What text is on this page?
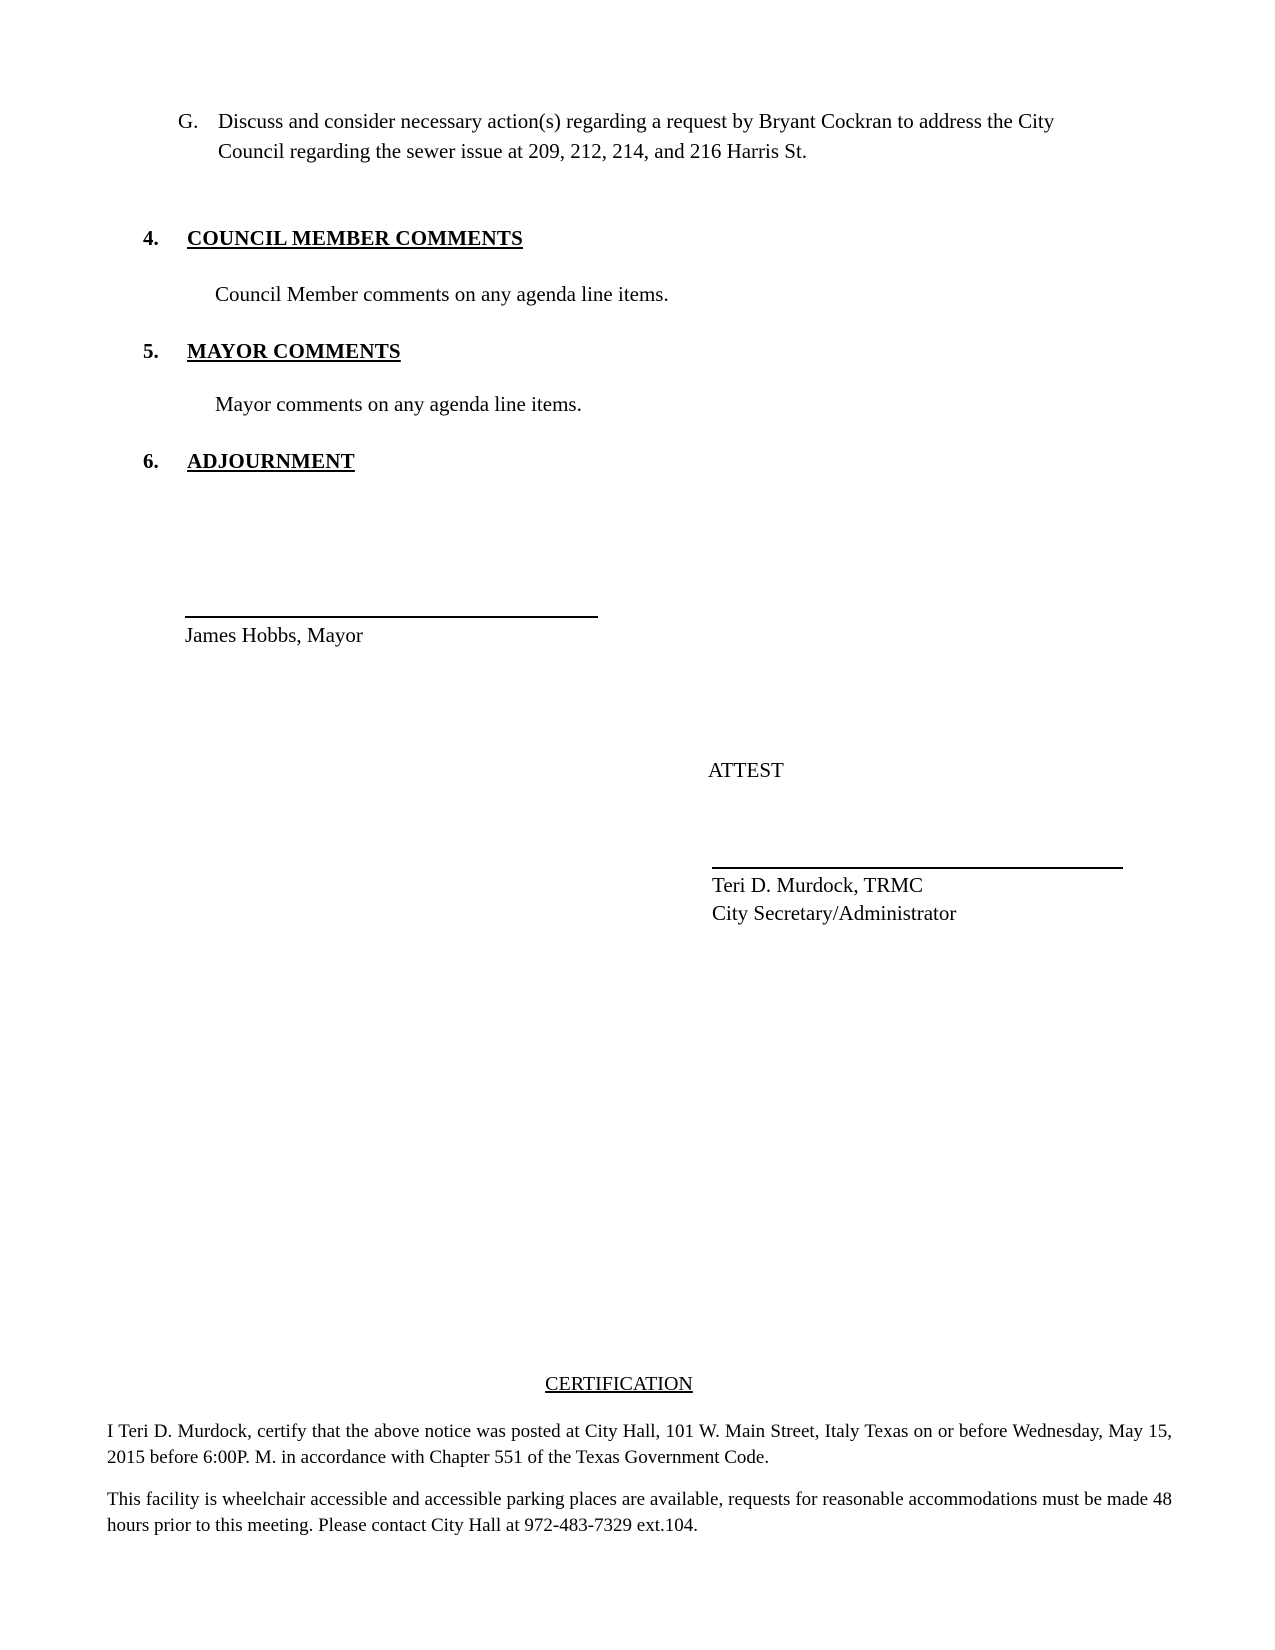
G. Discuss and consider necessary action(s) regarding a request by Bryant Cockran to address the City Council regarding the sewer issue at 209, 212, 214, and 216 Harris St.
4.	COUNCIL MEMBER COMMENTS
Council Member comments on any agenda line items.
5.	MAYOR COMMENTS
Mayor comments on any agenda line items.
6.	ADJOURNMENT
James Hobbs, Mayor
ATTEST
Teri D. Murdock, TRMC
City Secretary/Administrator
CERTIFICATION
I Teri D. Murdock, certify that the above notice was posted at City Hall, 101 W. Main Street, Italy Texas on or before Wednesday, May 15, 2015 before 6:00P. M. in accordance with Chapter 551 of the Texas Government Code.
This facility is wheelchair accessible and accessible parking places are available, requests for reasonable accommodations must be made 48 hours prior to this meeting. Please contact City Hall at 972-483-7329 ext.104.
